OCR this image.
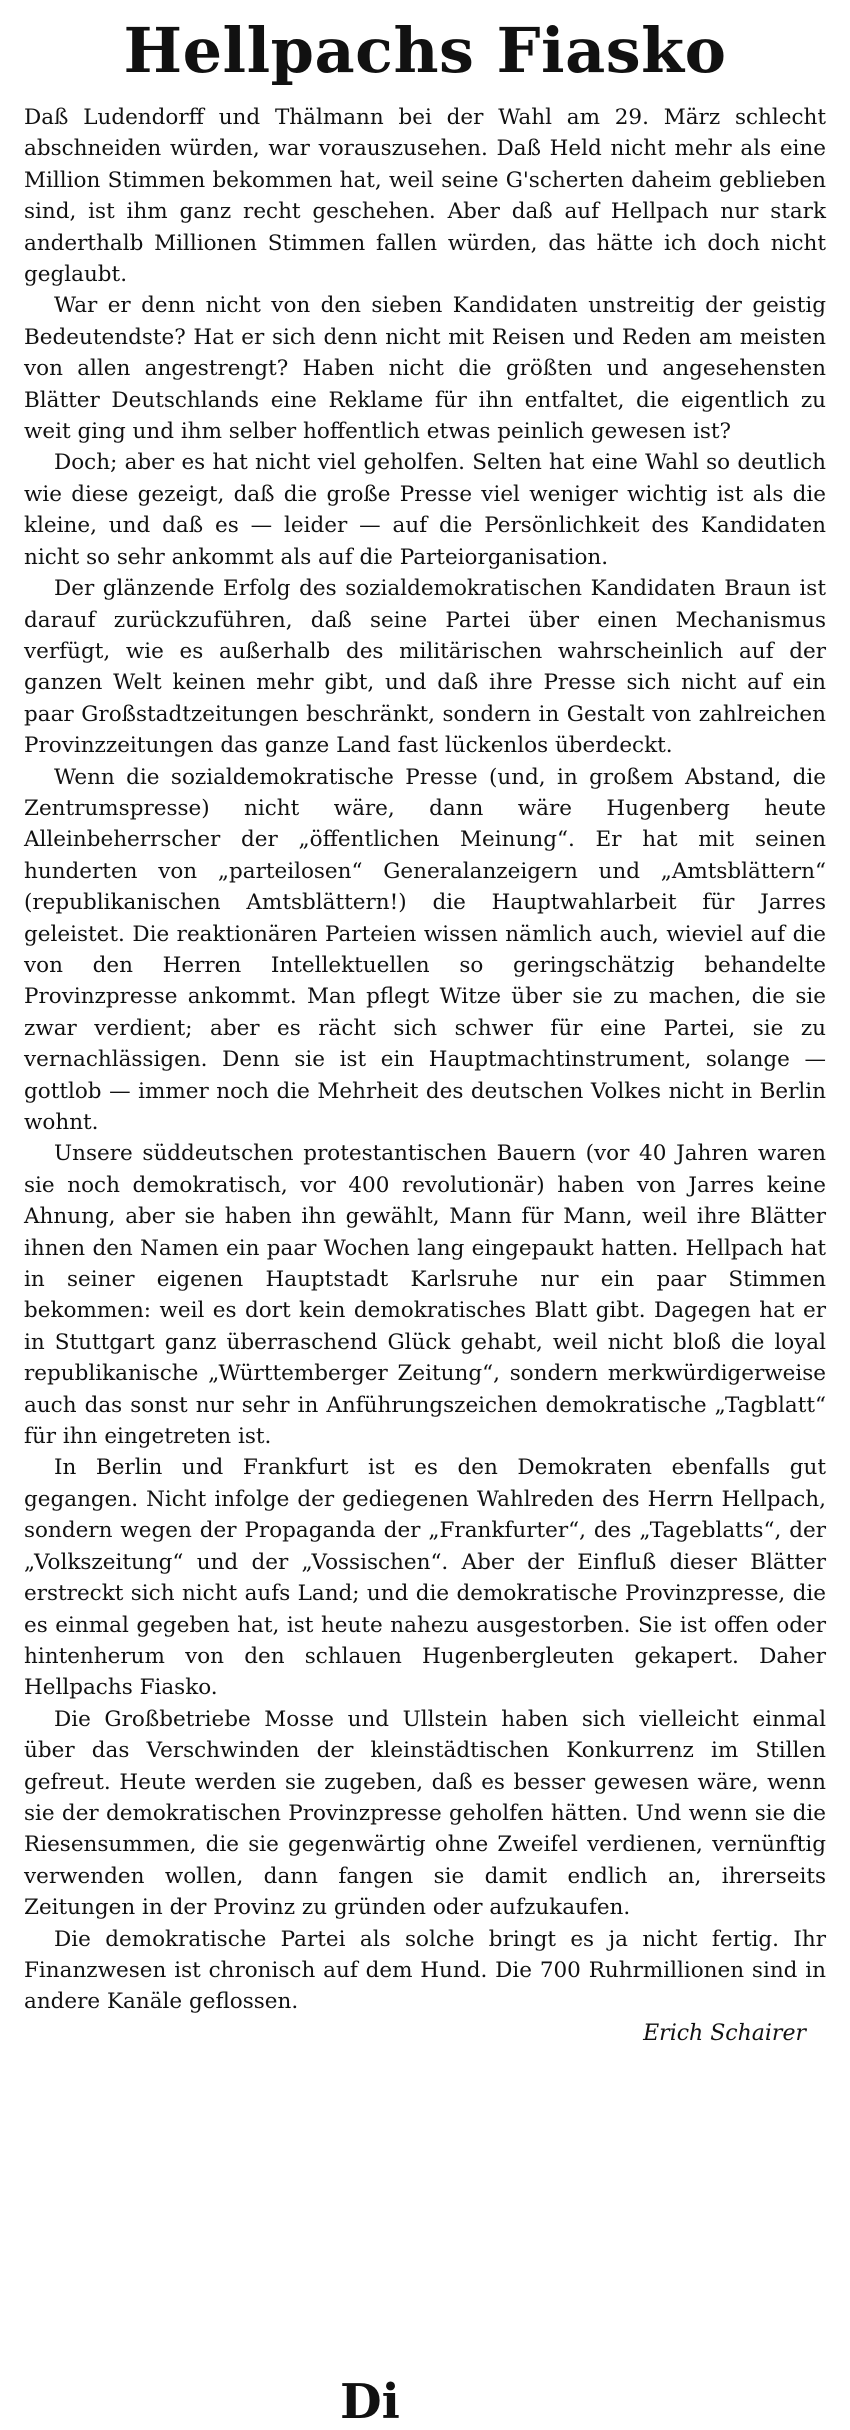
Hellpachs Fiasko

Daß Ludendorff und Thälmann bei der Wahl am 29. März schlecht abschneiden würden, war vorauszusehen. Daß Held nicht mehr als eine Million Stimmen bekommen hat, weil seine G'scherten daheim geblieben sind, ist ihm ganz recht geschehen. Aber daß auf Hellpach nur stark anderthalb Millionen Stimmen fallen würden, das hätte ich doch nicht geglaubt.

War er denn nicht von den sieben Kandidaten unstreitig der geistig Bedeutendste? Hat er sich denn nicht mit Reisen und Reden am meisten von allen angestrengt? Haben nicht die größten und angesehensten Blätter Deutschlands eine Reklame für ihn entfaltet, die eigentlich zu weit ging und ihm selber hoffentlich etwas peinlich gewesen ist?

Doch; aber es hat nicht viel geholfen. Selten hat eine Wahl so deutlich wie diese gezeigt, daß die große Presse viel weniger wichtig ist als die kleine, und daß es — leider — auf die Persönlichkeit des Kandidaten nicht so sehr ankommt als auf die Parteiorganisation.

Der glänzende Erfolg des sozialdemokratischen Kandidaten Braun ist darauf zurückzuführen, daß seine Partei über einen Mechanismus verfügt, wie es außerhalb des militärischen wahrscheinlich auf der ganzen Welt keinen mehr gibt, und daß ihre Presse sich nicht auf ein paar Großstadtzeitungen beschränkt, sondern in Gestalt von zahlreichen Provinzzeitungen das ganze Land fast lückenlos überdeckt.

Wenn die sozialdemokratische Presse (und, in großem Abstand, die Zentrumspresse) nicht wäre, dann wäre Hugenberg heute Alleinbeherrscher der „öffentlichen Meinung“. Er hat mit seinen hunderten von „parteilosen“ Generalanzeigern und „Amtsblättern“ (republikanischen Amtsblättern!) die Hauptwahlarbeit für Jarres geleistet. Die reaktionären Parteien wissen nämlich auch, wieviel auf die von den Herren Intellektuellen so geringschätzig behandelte Provinzpresse ankommt. Man pflegt Witze über sie zu machen, die sie zwar verdient; aber es rächt sich schwer für eine Partei, sie zu vernachlässigen. Denn sie ist ein Hauptmachtinstrument, solange — gottlob — immer noch die Mehrheit des deutschen Volkes nicht in Berlin wohnt.

Unsere süddeutschen protestantischen Bauern (vor 40 Jahren waren sie noch demokratisch, vor 400 revolutionär) haben von Jarres keine Ahnung, aber sie haben ihn gewählt, Mann für Mann, weil ihre Blätter ihnen den Namen ein paar Wochen lang eingepaukt hatten. Hellpach hat in seiner eigenen Hauptstadt Karlsruhe nur ein paar Stimmen bekommen: weil es dort kein demokratisches Blatt gibt. Dagegen hat er in Stuttgart ganz überraschend Glück gehabt, weil nicht bloß die loyal republikanische „Württemberger Zeitung“, sondern merkwürdigerweise auch das sonst nur sehr in Anführungszeichen demokratische „Tagblatt“ für ihn eingetreten ist.

In Berlin und Frankfurt ist es den Demokraten ebenfalls gut gegangen. Nicht infolge der gediegenen Wahlreden des Herrn Hellpach, sondern wegen der Propaganda der „Frankfurter“, des „Tageblatts“, der „Volkszeitung“ und der „Vossischen“. Aber der Einfluß dieser Blätter erstreckt sich nicht aufs Land; und die demokratische Provinzpresse, die es einmal gegeben hat, ist heute nahezu ausgestorben. Sie ist offen oder hintenherum von den schlauen Hugenbergleuten gekapert. Daher Hellpachs Fiasko.

Die Großbetriebe Mosse und Ullstein haben sich vielleicht einmal über das Verschwinden der kleinstädtischen Konkurrenz im Stillen gefreut. Heute werden sie zugeben, daß es besser gewesen wäre, wenn sie der demokratischen Provinzpresse geholfen hätten. Und wenn sie die Riesensummen, die sie gegenwärtig ohne Zweifel verdienen, vernünftig verwenden wollen, dann fangen sie damit endlich an, ihrerseits Zeitungen in der Provinz zu gründen oder aufzukaufen.

Die demokratische Partei als solche bringt es ja nicht fertig. Ihr Finanzwesen ist chronisch auf dem Hund. Die 700 Ruhrmillionen sind in andere Kanäle geflossen.

Erich Schairer

Di
